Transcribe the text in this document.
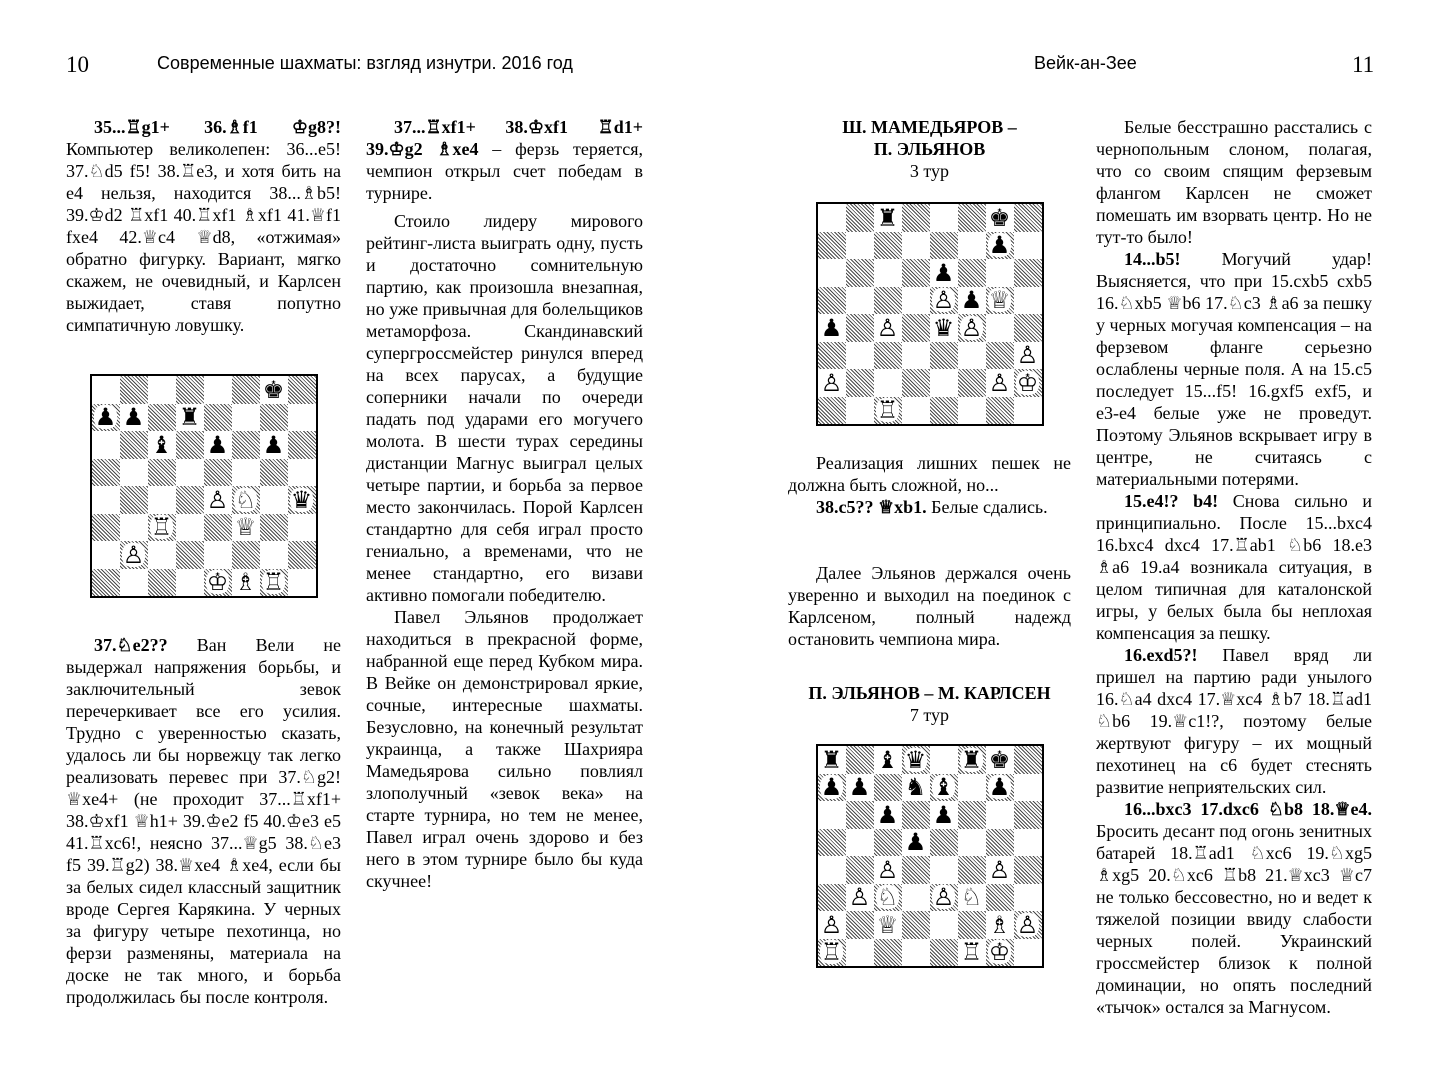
10	Современные шахматы: взгляд изнутри. 2016 год

35...♖g1+ 36.♗f1 ♔g8?! Компьютер великолепен: 36...e5! 37.♘d5 f5! 38.♖e3, и хотя бить на e4 нельзя, находится 38...♗b5! 39.♔d2 ♖xf1 40.♖xf1 ♗xf1 41.♕f1 fxe4 42.♕c4 ♕d8, «отжимая» обратно фигурку. Вариант, мягко скажем, не очевидный, и Карлсен выжидает, ставя попутно симпатичную ловушку.

♚
♟ ♟ ♜
♝ ♟ ♟
♙ ♘ ♛
♖	♕
♙
♔ ♗ ♖

37.♘e2?? Ван Вели не выдержал напряжения борьбы, и заключительный зевок перечеркивает все его усилия. Трудно с уверенностью сказать, удалось ли бы норвежцу так легко реализовать перевес при 37.♘g2! ♕xe4+ (не проходит 37...♖xf1+ 38.♔xf1 ♕h1+ 39.♔e2 f5 40.♔e3 e5 41.♖xc6!, неясно 37...♕g5 38.♘e3 f5 39.♖g2) 38.♕xe4 ♗xe4, если бы за белых сидел классный защитник вроде Сергея Карякина. У черных за фигуру четыре пехотинца, но ферзи разменяны, материала на доске не так много, и борьба продолжилась бы после контроля.

37...♖xf1+ 38.♔xf1 ♖d1+ 39.♔g2 ♗xe4 – ферзь теряется, чемпион открыл счет победам в турнире.

Стоило лидеру мирового рейтинг-листа выиграть одну, пусть и достаточно сомнительную партию, как произошла внезапная, но уже привычная для болельщиков метаморфоза. Скандинавский супергроссмейстер ринулся вперед на всех парусах, а будущие соперники начали по очереди падать под ударами его могучего молота. В шести турах середины дистанции Магнус выиграл целых четыре партии, и борьба за первое место закончилась. Порой Карлсен стандартно для себя играл просто гениально, а временами, что не менее стандартно, его визави активно помогали победителю.

Павел Эльянов продолжает находиться в прекрасной форме, набранной еще перед Кубком мира. В Вейке он демонстрировал яркие, сочные, интересные шахматы. Безусловно, на конечный результат украинца, а также Шахрияра Мамедьярова сильно повлиял злополучный «зевок века» на старте турнира, но тем не менее, Павел играл очень здорово и без него в этом турнире было бы куда скучнее!

Вейк-ан-Зее	11
Ш. МАМЕДЬЯРОВ –
П. ЭЛЬЯНОВ
3 тур
♜	♚
♟
♟
♙ ♟ ♕
♟ ♙ ♛ ♙
♙
♙	♙ ♔
♖

Реализация лишних пешек не должна быть сложной, но...

38.c5?? ♕xb1. Белые сдались.

Далее Эльянов держался очень уверенно и выходил на поединок с Карлсеном, полный надежд остановить чемпиона мира.

П. ЭЛЬЯНОВ – М. КАРЛСЕН
7 тур
♜ ♝ ♛ ♜ ♚
♟ ♟ ♞ ♝ ♟
♟ ♟
♟
♙	♙
♙ ♘ ♙ ♘
♙ ♕	♗ ♙
♖	♖ ♔

Белые бесстрашно расстались с чернопольным слоном, полагая, что со своим спящим ферзевым флангом Карлсен не сможет помешать им взорвать центр. Но не тут-то было!

14...b5! Могучий удар! Выясняется, что при 15.cxb5 cxb5 16.♘xb5 ♕b6 17.♘c3 ♗a6 за пешку у черных могучая компенсация – на ферзевом фланге серьезно ослаблены черные поля. А на 15.c5 последует 15...f5! 16.gxf5 exf5, и e3-e4 белые уже не проведут. Поэтому Эльянов вскрывает игру в центре, не считаясь с материальными потерями.

15.e4!? b4! Снова сильно и принципиально. После 15...bxc4 16.bxc4 dxc4 17.♖ab1 ♘b6 18.e3 ♗a6 19.a4 возникала ситуация, в целом типичная для каталонской игры, у белых была бы неплохая компенсация за пешку.

16.exd5?! Павел вряд ли пришел на партию ради унылого 16.♘a4 dxc4 17.♕xc4 ♗b7 18.♖ad1 ♘b6 19.♕c1!?, поэтому белые жертвуют фигуру – их мощный пехотинец на c6 будет стеснять развитие неприятельских сил.

16...bxc3 17.dxc6 ♘b8 18.♕e4. Бросить десант под огонь зенитных батарей 18.♖ad1 ♘xc6 19.♘xg5 ♗xg5 20.♘xc6 ♖b8 21.♕xc3 ♕c7 не только бессовестно, но и ведет к тяжелой позиции ввиду слабости черных полей. Украинский гроссмейстер близок к полной доминации, но опять последний «тычок» остался за Магнусом.
